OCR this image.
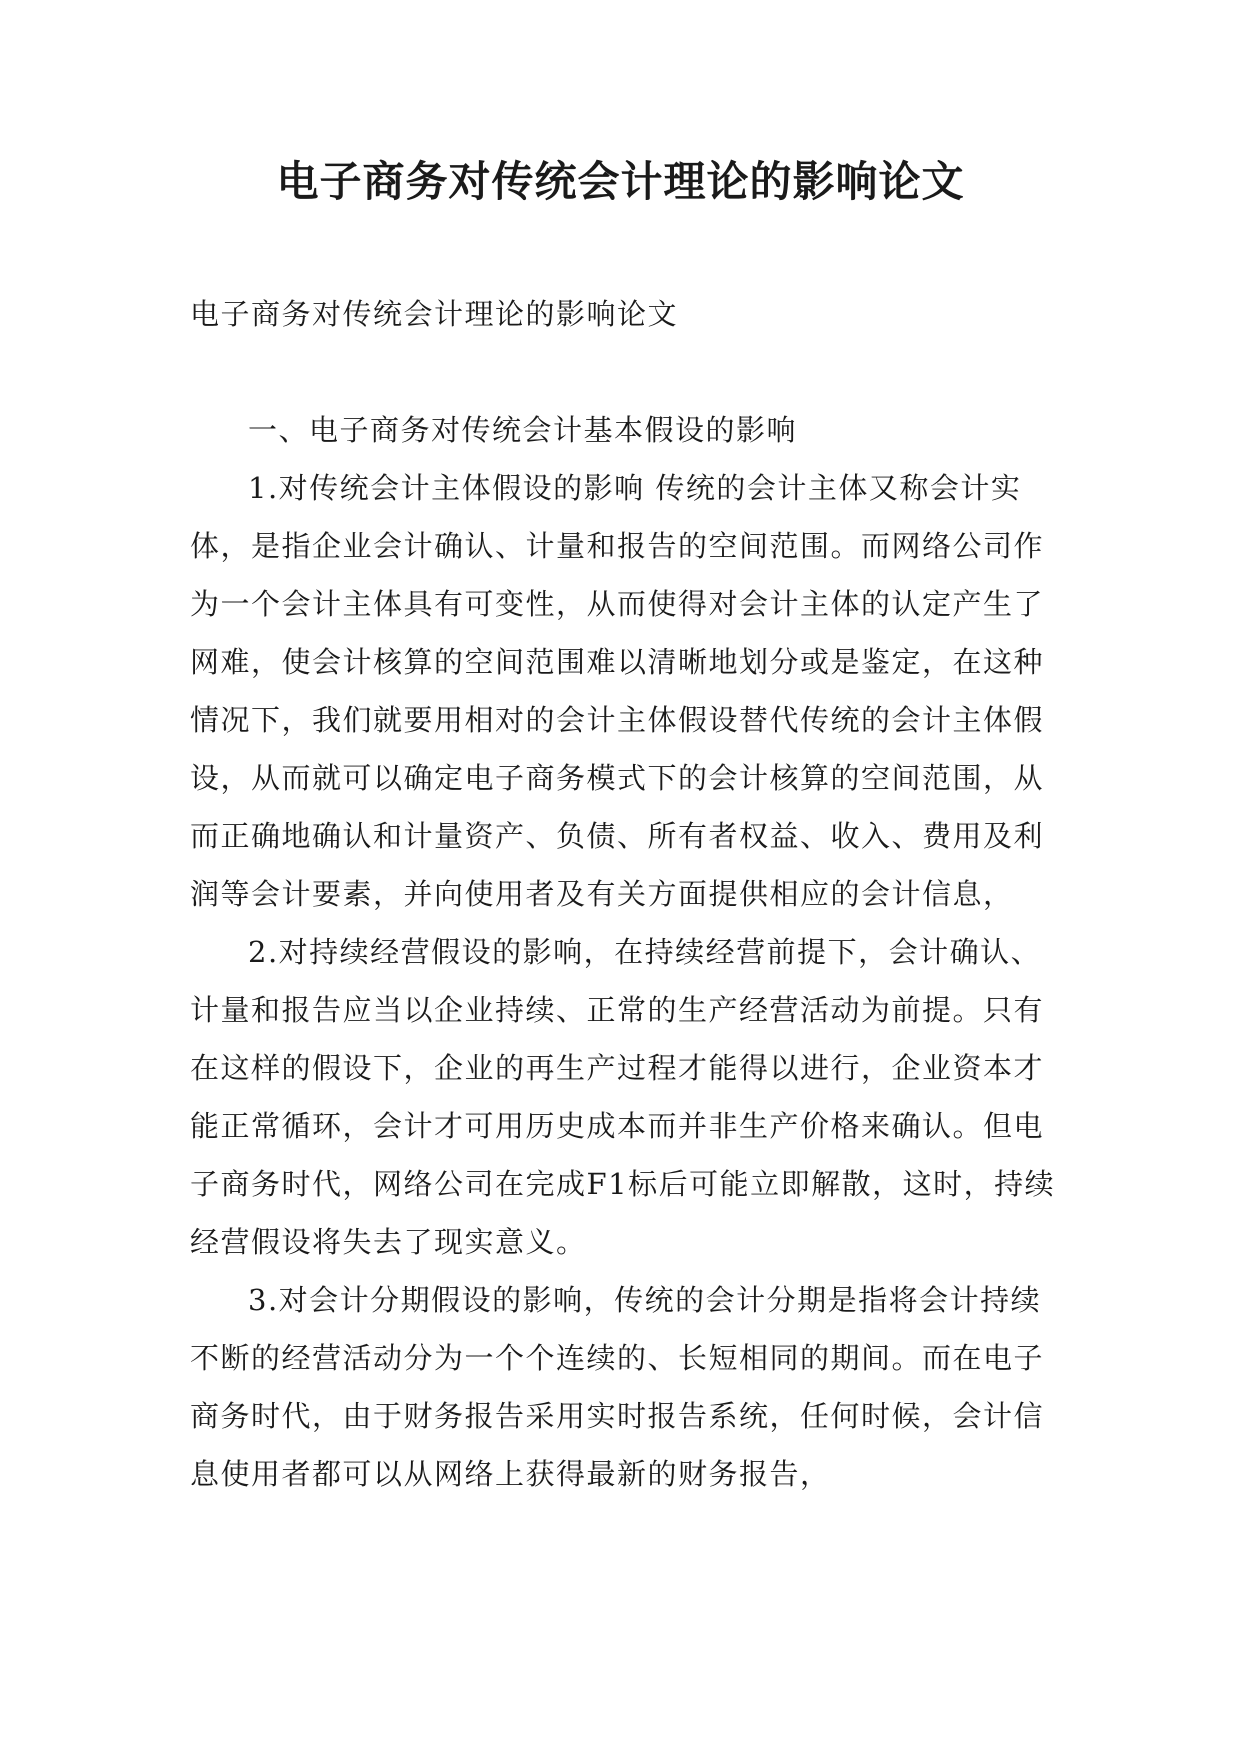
电子商务对传统会计理论的影响论文

电子商务对传统会计理论的影响论文

一、电子商务对传统会计基本假设的影响

1.对传统会计主体假设的影响 传统的会计主体又称会计实体，是指企业会计确认、计量和报告的空间范围。而网络公司作为一个会计主体具有可变性，从而使得对会计主体的认定产生了网难，使会计核算的空间范围难以清晰地划分或是鉴定，在这种情况下，我们就要用相对的会计主体假设替代传统的会计主体假设，从而就可以确定电子商务模式下的会计核算的空间范围，从而正确地确认和计量资产、负债、所有者权益、收入、费用及利润等会计要素，并向使用者及有关方面提供相应的会计信息，

2.对持续经营假设的影响，在持续经营前提下，会计确认、计量和报告应当以企业持续、正常的生产经营活动为前提。只有在这样的假设下，企业的再生产过程才能得以进行，企业资本才能正常循环，会计才可用历史成本而并非生产价格来确认。但电子商务时代，网络公司在完成F1标后可能立即解散，这时，持续经营假设将失去了现实意义。

3.对会计分期假设的影响，传统的会计分期是指将会计持续不断的经营活动分为一个个连续的、长短相同的期间。而在电子商务时代，由于财务报告采用实时报告系统，任何时候，会计信息使用者都可以从网络上获得最新的财务报告，
